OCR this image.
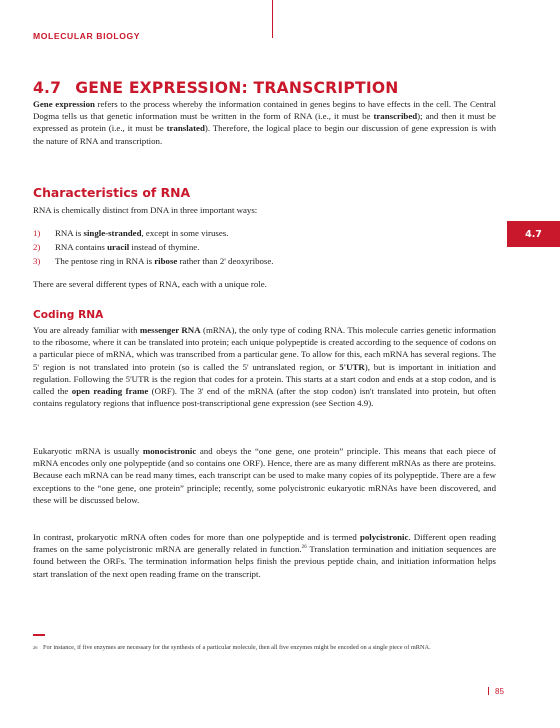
MOLECULAR BIOLOGY
4.7 GENE EXPRESSION: TRANSCRIPTION
Gene expression refers to the process whereby the information contained in genes begins to have effects in the cell. The Central Dogma tells us that genetic information must be written in the form of RNA (i.e., it must be transcribed); and then it must be expressed as protein (i.e., it must be translated). Therefore, the logical place to begin our discussion of gene expression is with the nature of RNA and transcription.
Characteristics of RNA
RNA is chemically distinct from DNA in three important ways:
1) RNA is single-stranded, except in some viruses.
2) RNA contains uracil instead of thymine.
3) The pentose ring in RNA is ribose rather than 2' deoxyribose.
4.7
There are several different types of RNA, each with a unique role.
Coding RNA
You are already familiar with messenger RNA (mRNA), the only type of coding RNA. This molecule carries genetic information to the ribosome, where it can be translated into protein; each unique polypeptide is created according to the sequence of codons on a particular piece of mRNA, which was transcribed from a particular gene. To allow for this, each mRNA has several regions. The 5' region is not translated into protein (so is called the 5' untranslated region, or 5'UTR), but is important in initiation and regulation. Following the 5'UTR is the region that codes for a protein. This starts at a start codon and ends at a stop codon, and is called the open reading frame (ORF). The 3' end of the mRNA (after the stop codon) isn't translated into protein, but often contains regulatory regions that influence post-transcriptional gene expression (see Section 4.9).
Eukaryotic mRNA is usually monocistronic and obeys the “one gene, one protein” principle. This means that each piece of mRNA encodes only one polypeptide (and so contains one ORF). Hence, there are as many different mRNAs as there are proteins. Because each mRNA can be read many times, each transcript can be used to make many copies of its polypeptide. There are a few exceptions to the “one gene, one protein” principle; recently, some polycistronic eukaryotic mRNAs have been discovered, and these will be discussed below.
In contrast, prokaryotic mRNA often codes for more than one polypeptide and is termed polycistronic. Different open reading frames on the same polycistronic mRNA are generally related in function.$^{26}$ Translation termination and initiation sequences are found between the ORFs. The termination information helps finish the previous peptide chain, and initiation information helps start translation of the next open reading frame on the transcript.
26 For instance, if five enzymes are necessary for the synthesis of a particular molecule, then all five enzymes might be encoded on a single piece of mRNA.
85
